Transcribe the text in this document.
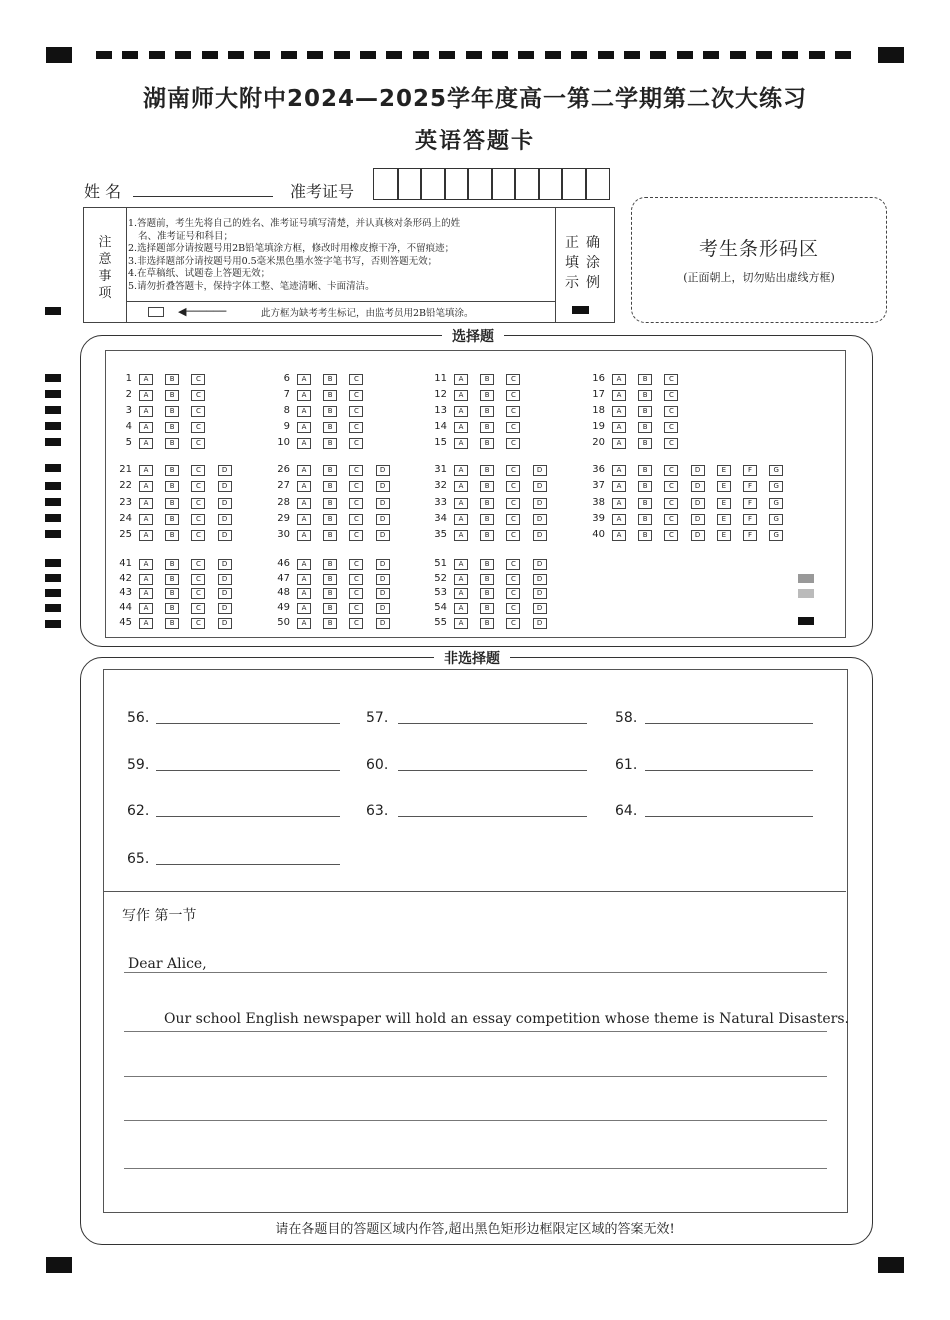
湖南师大附中2024—2025学年度高一第二学期第二次大练习
英语答题卡
姓 名	准考证号
注
意
事
项
1.答题前，考生先将自己的姓名、准考证号填写清楚，并认真核对条形码上的姓
名、准考证号和科目；
2.选择题部分请按题号用2B铅笔填涂方框，修改时用橡皮擦干净，不留痕迹；
3.非选择题部分请按题号用0.5毫米黑色墨水签字笔书写，否则答题无效；
4.在草稿纸、试题卷上答题无效；
5.请勿折叠答题卡，保持字体工整、笔迹清晰、卡面清洁。
◀──────	此方框为缺考考生标记，由监考员用2B铅笔填涂。
正 确
填 涂
示 例
考生条形码区
(正面朝上，切勿贴出虚线方框)
选择题
1	A	B	C
2	A	B	C
3	A	B	C
4	A	B	C
5	A	B	C
6	A	B	C
7	A	B	C
8	A	B	C
9	A	B	C
10	A	B	C
11	A	B	C
12	A	B	C
13	A	B	C
14	A	B	C
15	A	B	C
16	A	B	C
17	A	B	C
18	A	B	C
19	A	B	C
20	A	B	C
21	A	B	C	D
22	A	B	C	D
23	A	B	C	D
24	A	B	C	D
25	A	B	C	D
26	A	B	C	D
27	A	B	C	D
28	A	B	C	D
29	A	B	C	D
30	A	B	C	D
31	A	B	C	D
32	A	B	C	D
33	A	B	C	D
34	A	B	C	D
35	A	B	C	D
36	A	B	C	D	E	F	G
37	A	B	C	D	E	F	G
38	A	B	C	D	E	F	G
39	A	B	C	D	E	F	G
40	A	B	C	D	E	F	G
41	A	B	C	D
42	A	B	C	D
43	A	B	C	D
44	A	B	C	D
45	A	B	C	D
46	A	B	C	D
47	A	B	C	D
48	A	B	C	D
49	A	B	C	D
50	A	B	C	D
51	A	B	C	D
52	A	B	C	D
53	A	B	C	D
54	A	B	C	D
55	A	B	C	D
非选择题
56.	57.	58.
59.	60.	61.
62.	63.	64.
65.
写作 第一节
Dear Alice,
Our school English newspaper will hold an essay competition whose theme is Natural Disasters.
请在各题目的答题区域内作答,超出黑色矩形边框限定区域的答案无效!
